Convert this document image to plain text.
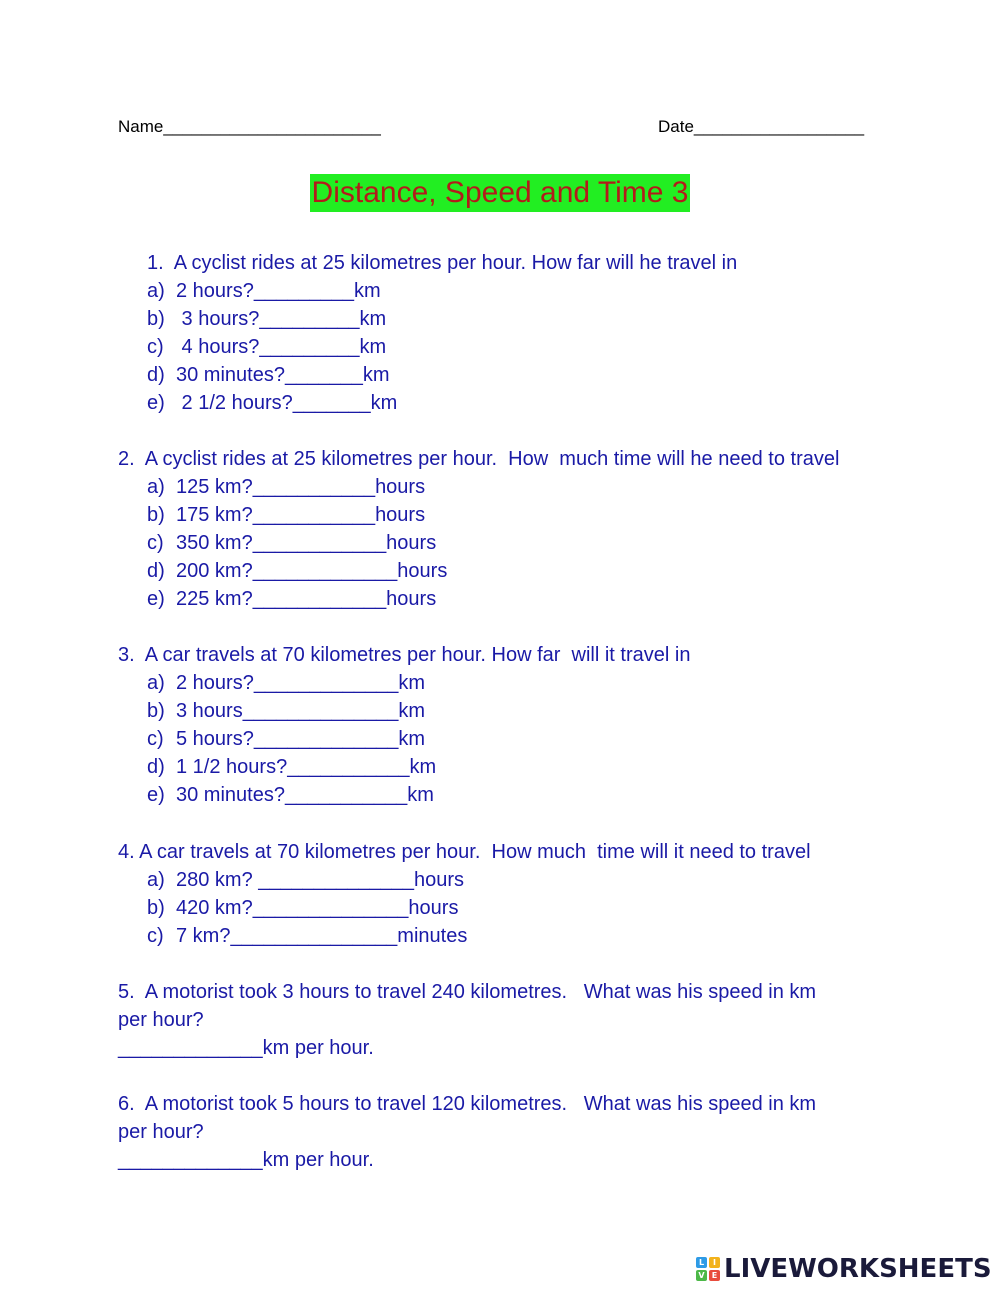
Name_______________________	Date__________________
Distance, Speed and Time 3
1.  A cyclist rides at 25 kilometres per hour. How far will he travel in
a) 2 hours?_________km
b) 3 hours?_________km
c) 4 hours?_________km
d) 30 minutes?_______km
e) 2 1/2 hours?_______km
2.  A cyclist rides at 25 kilometres per hour.  How  much time will he need to travel
a) 125 km?___________hours
b) 175 km?___________hours
c) 350 km?____________hours
d) 200 km?_____________hours
e) 225 km?____________hours
3.  A car travels at 70 kilometres per hour. How far  will it travel in
a) 2 hours?_____________km
b) 3 hours______________km
c) 5 hours?_____________km
d) 1 1/2 hours?___________km
e) 30 minutes?___________km
4. A car travels at 70 kilometres per hour.  How much  time will it need to travel
a) 280 km? ______________hours
b) 420 km?______________hours
c) 7 km?_______________minutes
5.  A motorist took 3 hours to travel 240 kilometres.   What was his speed in km
per hour?
_____________km per hour.
6.  A motorist took 5 hours to travel 120 kilometres.   What was his speed in km
per hour?
_____________km per hour.
L	I
V E LIVEWORKSHEETS
